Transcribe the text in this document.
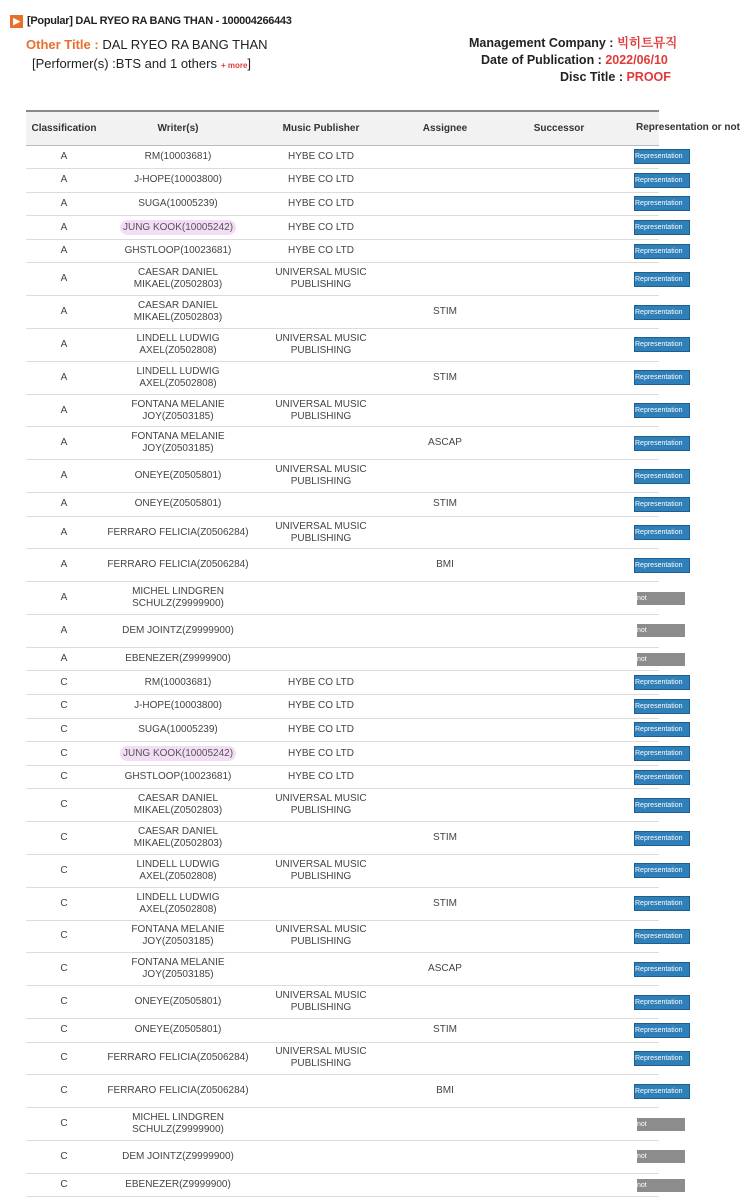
▶ [Popular] DAL RYEO RA BANG THAN - 100004266443
Other Title : DAL RYEO RA BANG THAN
[Performer(s) :BTS and 1 others + more]
Management Company : 빅히트뮤직
Date of Publication : 2022/06/10
Disc Title : PROOF
Classification	Writer(s)	Music Publisher	Assignee	Successor	Representation or not
A	RM(10003681)	HYBE CO LTD			Representation
A	J-HOPE(10003800)	HYBE CO LTD			Representation
A	SUGA(10005239)	HYBE CO LTD			Representation
A	JUNG KOOK(10005242)	HYBE CO LTD			Representation
A	GHSTLOOP(10023681)	HYBE CO LTD			Representation
A	CAESAR DANIEL MIKAEL(Z0502803)	UNIVERSAL MUSIC PUBLISHING			Representation
A	CAESAR DANIEL MIKAEL(Z0502803)		STIM		Representation
A	LINDELL LUDWIG AXEL(Z0502808)	UNIVERSAL MUSIC PUBLISHING			Representation
A	LINDELL LUDWIG AXEL(Z0502808)		STIM		Representation
A	FONTANA MELANIE JOY(Z0503185)	UNIVERSAL MUSIC PUBLISHING			Representation
A	FONTANA MELANIE JOY(Z0503185)		ASCAP		Representation
A	ONEYE(Z0505801)	UNIVERSAL MUSIC PUBLISHING			Representation
A	ONEYE(Z0505801)		STIM		Representation
A	FERRARO FELICIA(Z0506284)	UNIVERSAL MUSIC PUBLISHING			Representation
A	FERRARO FELICIA(Z0506284)		BMI		Representation
A	MICHEL LINDGREN SCHULZ(Z9999900)				not
A	DEM JOINTZ(Z9999900)				not
A	EBENEZER(Z9999900)				not
C	RM(10003681)	HYBE CO LTD			Representation
C	J-HOPE(10003800)	HYBE CO LTD			Representation
C	SUGA(10005239)	HYBE CO LTD			Representation
C	JUNG KOOK(10005242)	HYBE CO LTD			Representation
C	GHSTLOOP(10023681)	HYBE CO LTD			Representation
C	CAESAR DANIEL MIKAEL(Z0502803)	UNIVERSAL MUSIC PUBLISHING			Representation
C	CAESAR DANIEL MIKAEL(Z0502803)		STIM		Representation
C	LINDELL LUDWIG AXEL(Z0502808)	UNIVERSAL MUSIC PUBLISHING			Representation
C	LINDELL LUDWIG AXEL(Z0502808)		STIM		Representation
C	FONTANA MELANIE JOY(Z0503185)	UNIVERSAL MUSIC PUBLISHING			Representation
C	FONTANA MELANIE JOY(Z0503185)		ASCAP		Representation
C	ONEYE(Z0505801)	UNIVERSAL MUSIC PUBLISHING			Representation
C	ONEYE(Z0505801)		STIM		Representation
C	FERRARO FELICIA(Z0506284)	UNIVERSAL MUSIC PUBLISHING			Representation
C	FERRARO FELICIA(Z0506284)		BMI		Representation
C	MICHEL LINDGREN SCHULZ(Z9999900)				not
C	DEM JOINTZ(Z9999900)				not
C	EBENEZER(Z9999900)				not
